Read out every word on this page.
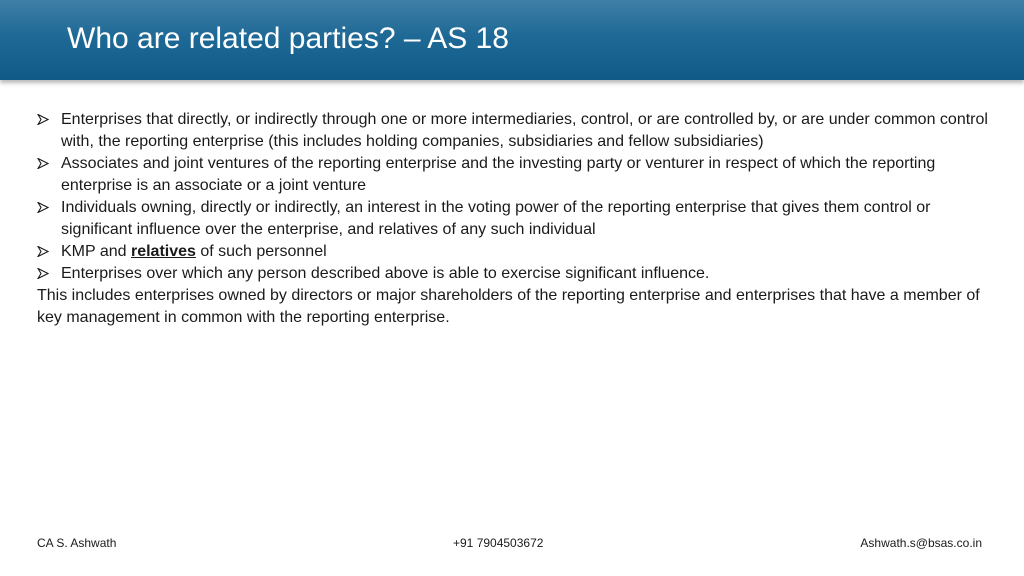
Who are related parties? – AS 18
Enterprises that directly, or indirectly through one or more intermediaries, control, or are controlled by, or are under common control with, the reporting enterprise (this includes holding companies, subsidiaries and fellow subsidiaries)
Associates and joint ventures of the reporting enterprise and the investing party or venturer in respect of which the reporting enterprise is an associate or a joint venture
Individuals owning, directly or indirectly, an interest in the voting power of the reporting enterprise that gives them control or significant influence over the enterprise, and relatives of any such individual
KMP and relatives of such personnel
Enterprises over which any person described above is able to exercise significant influence.

This includes enterprises owned by directors or major shareholders of the reporting enterprise and enterprises that have a member of key management in common with the reporting enterprise.

CA S. Ashwath	+91 7904503672	Ashwath.s@bsas.co.in
